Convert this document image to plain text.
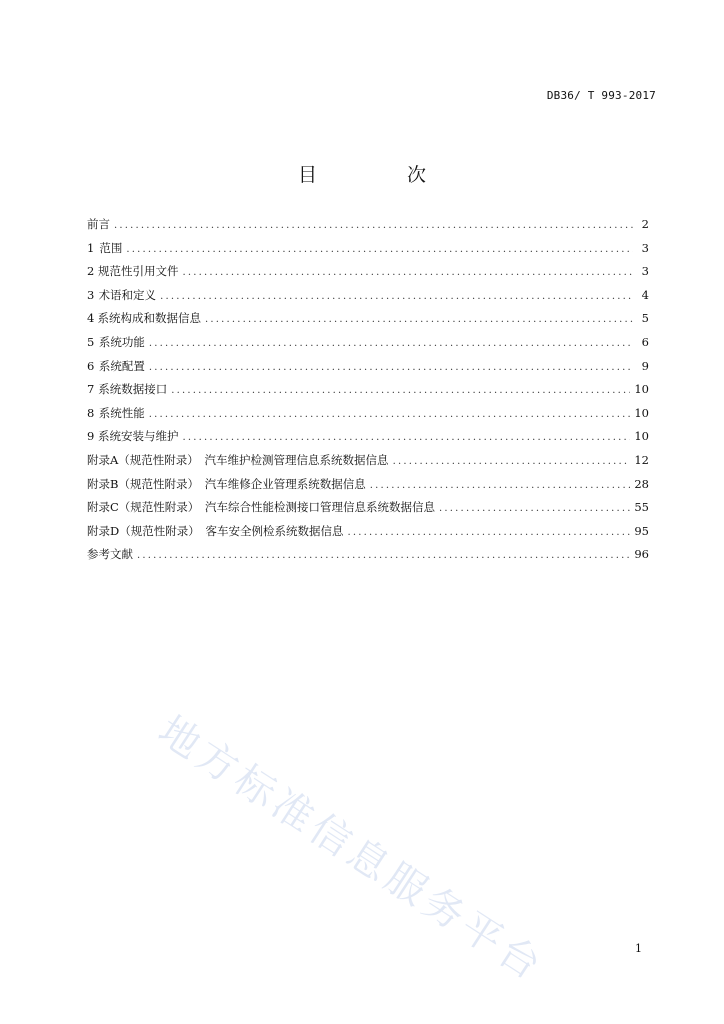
DB36/ T 993-2017
目 次
前言 .....	2
1 范围 .....	3
2 规范性引用文件 .....	3
3 术语和定义 .....	4
4 系统构成和数据信息 .....	5
5 系统功能 .....	6
6 系统配置 .....	9
7 系统数据接口 .....	10
8 系统性能 .....	10
9 系统安装与维护 .....	10
附录A（规范性附录）　汽车维护检测管理信息系统数据信息 .....	12
附录B（规范性附录）　汽车维修企业管理系统数据信息 .....	28
附录C（规范性附录）　汽车综合性能检测接口管理信息系统数据信息 .....	55
附录D（规范性附录）　客车安全例检系统数据信息 .....	95
参考文献 .....	96
地方标准信息服务平台	1
